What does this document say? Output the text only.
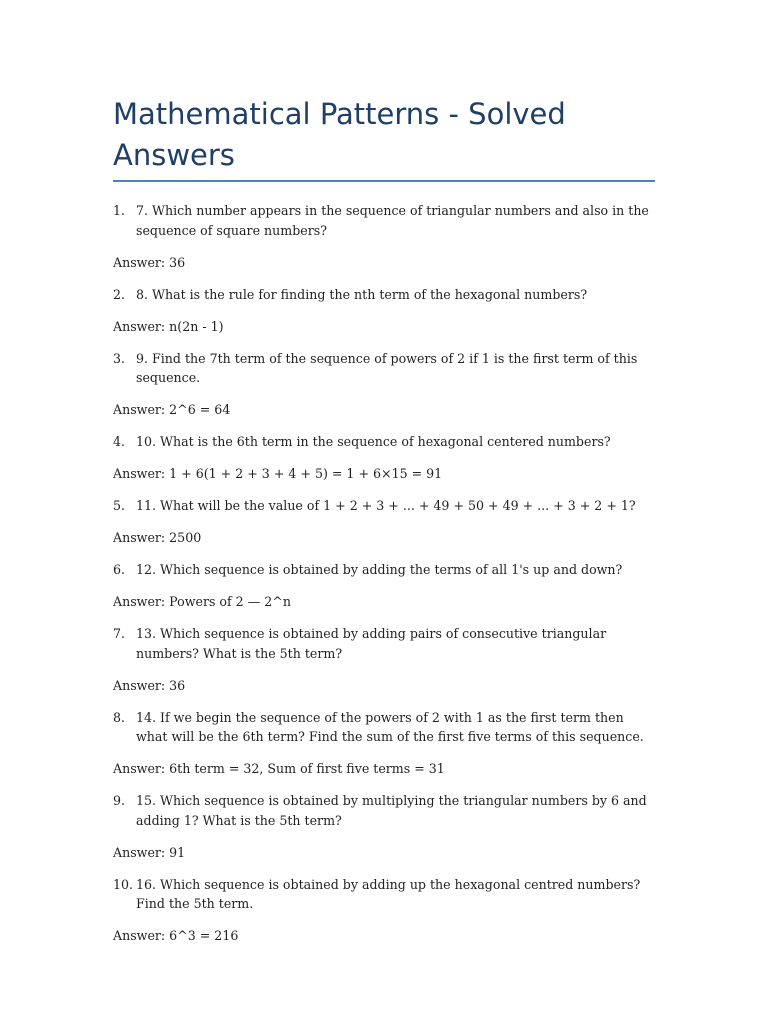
Mathematical Patterns - Solved Answers
1. 7. Which number appears in the sequence of triangular numbers and also in the sequence of square numbers?
Answer: 36
2. 8. What is the rule for finding the nth term of the hexagonal numbers?
Answer: n(2n - 1)
3. 9. Find the 7th term of the sequence of powers of 2 if 1 is the first term of this sequence.
Answer: 2^6 = 64
4. 10. What is the 6th term in the sequence of hexagonal centered numbers?
Answer: 1 + 6(1 + 2 + 3 + 4 + 5) = 1 + 6×15 = 91
5. 11. What will be the value of 1 + 2 + 3 + ... + 49 + 50 + 49 + ... + 3 + 2 + 1?
Answer: 2500
6. 12. Which sequence is obtained by adding the terms of all 1's up and down?
Answer: Powers of 2 — 2^n
7. 13. Which sequence is obtained by adding pairs of consecutive triangular numbers? What is the 5th term?
Answer: 36
8. 14. If we begin the sequence of the powers of 2 with 1 as the first term then what will be the 6th term? Find the sum of the first five terms of this sequence.
Answer: 6th term = 32, Sum of first five terms = 31
9. 15. Which sequence is obtained by multiplying the triangular numbers by 6 and adding 1? What is the 5th term?
Answer: 91
10. 16. Which sequence is obtained by adding up the hexagonal centred numbers? Find the 5th term.
Answer: 6^3 = 216
